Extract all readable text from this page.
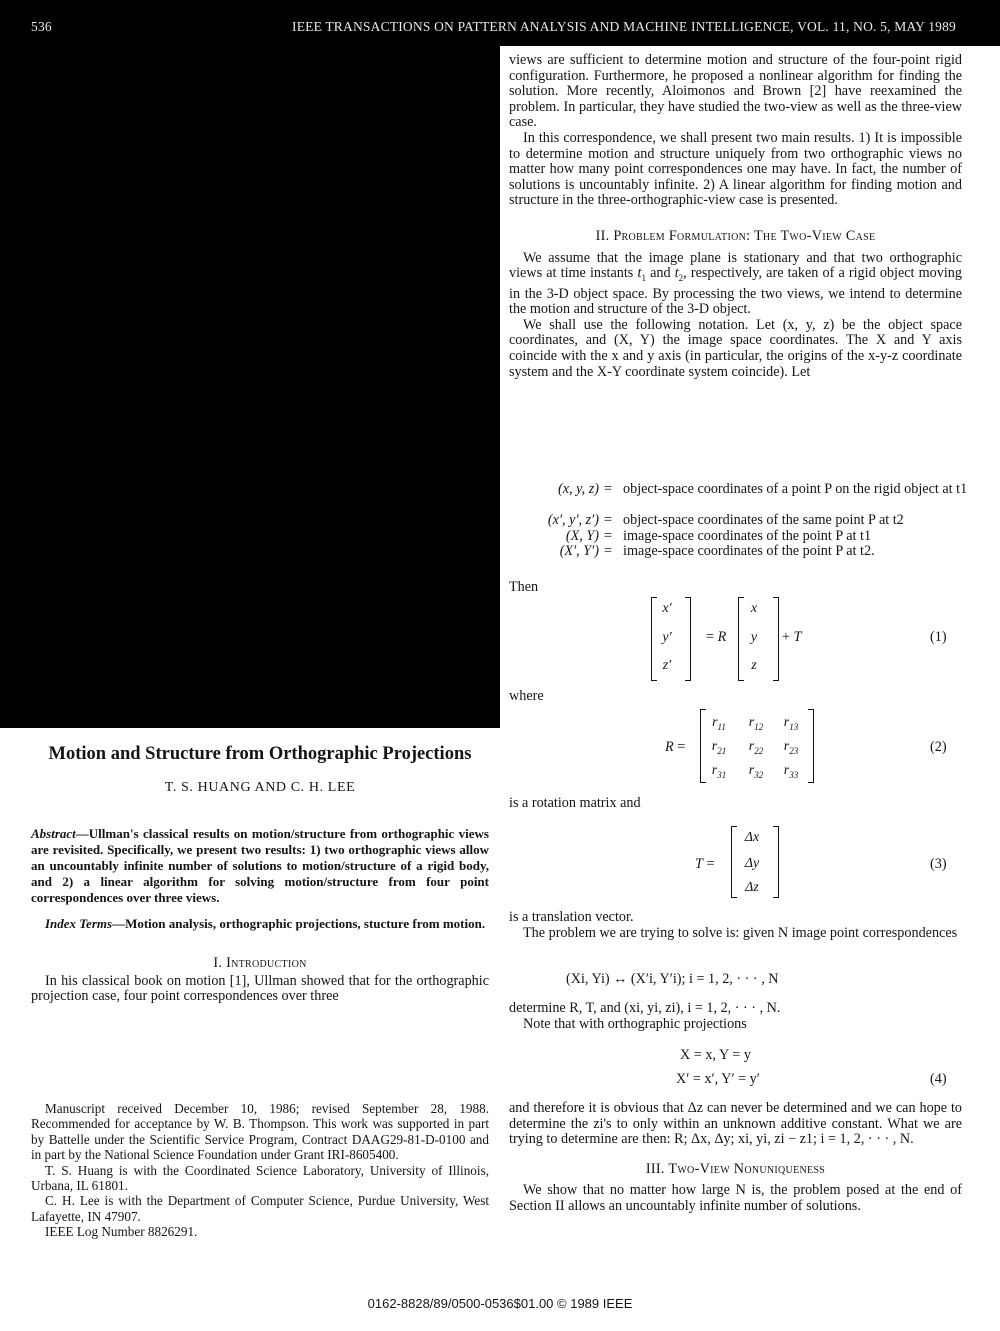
536	IEEE TRANSACTIONS ON PATTERN ANALYSIS AND MACHINE INTELLIGENCE, VOL. 11, NO. 5, MAY 1989

views are sufficient to determine motion and structure of the four-point rigid configuration. Furthermore, he proposed a nonlinear algorithm for finding the solution. More recently, Aloimonos and Brown [2] have reexamined the problem. In particular, they have studied the two-view as well as the three-view case.

In this correspondence, we shall present two main results. 1) It is impossible to determine motion and structure uniquely from two orthographic views no matter how many point correspondences one may have. In fact, the number of solutions is uncountably infinite. 2) A linear algorithm for finding motion and structure in the three-orthographic-view case is presented.

II. Problem Formulation: The Two-View Case

We assume that the image plane is stationary and that two orthographic views at time instants $t_1$ and $t_2$, respectively, are taken of a rigid object moving in the 3-D object space. By processing the two views, we intend to determine the motion and structure of the 3-D object.

We shall use the following notation. Let (x, y, z) be the object space coordinates, and (X, Y) the image space coordinates. The X and Y axis coincide with the x and y axis (in particular, the origins of the x-y-z coordinate system and the X-Y coordinate system coincide). Let

(x, y, z) = object-space coordinates of a point P on the rigid object at t1
(x′, y′, z′) = object-space coordinates of the same point P at t2
(X, Y) = image-space coordinates of the point P at t1
(X′, Y′) = image-space coordinates of the point P at t2.
Then
x′
y′
z′
= R
x
y
z
+ T	(1)
where
R =
$r_{11}$	$r_{12}$	$r_{13}$
$r_{21}$	$r_{22}$	$r_{23}$
$r_{31}$	$r_{32}$	$r_{33}$
(2)
is a rotation matrix and
T =
Δx
Δy
Δz
(3)

is a translation vector.

The problem we are trying to solve is: given N image point correspondences

(Xi, Yi) ↔ (X′i, Y′i); i = 1, 2, · · · , N

determine R, T, and (xi, yi, zi), i = 1, 2, · · · , N.

Note that with orthographic projections

X = x, Y = y
X′ = x′, Y′ = y′	(4)

and therefore it is obvious that Δz can never be determined and we can hope to determine the zi's to only within an unknown additive constant. What we are trying to determine are then: R; Δx, Δy; xi, yi, zi − z1; i = 1, 2, · · · , N.

III. Two-View Nonuniqueness

We show that no matter how large N is, the problem posed at the end of Section II allows an uncountably infinite number of solutions.

Motion and Structure from Orthographic Projections
T. S. HUANG AND C. H. LEE

Abstract—Ullman's classical results on motion/structure from orthographic views are revisited. Specifically, we present two results: 1) two orthographic views allow an uncountably infinite number of solutions to motion/structure of a rigid body, and 2) a linear algorithm for solving motion/structure from four point correspondences over three views.

Index Terms—Motion analysis, orthographic projections, stucture from motion.

I. Introduction

In his classical book on motion [1], Ullman showed that for the orthographic projection case, four point correspondences over three

Manuscript received December 10, 1986; revised September 28, 1988. Recommended for acceptance by W. B. Thompson. This work was supported in part by Battelle under the Scientific Service Program, Contract DAAG29-81-D-0100 and in part by the National Science Foundation under Grant IRI-8605400.

T. S. Huang is with the Coordinated Science Laboratory, University of Illinois, Urbana, IL 61801.

C. H. Lee is with the Department of Computer Science, Purdue University, West Lafayette, IN 47907.

IEEE Log Number 8826291.

0162-8828/89/0500-0536$01.00 © 1989 IEEE
